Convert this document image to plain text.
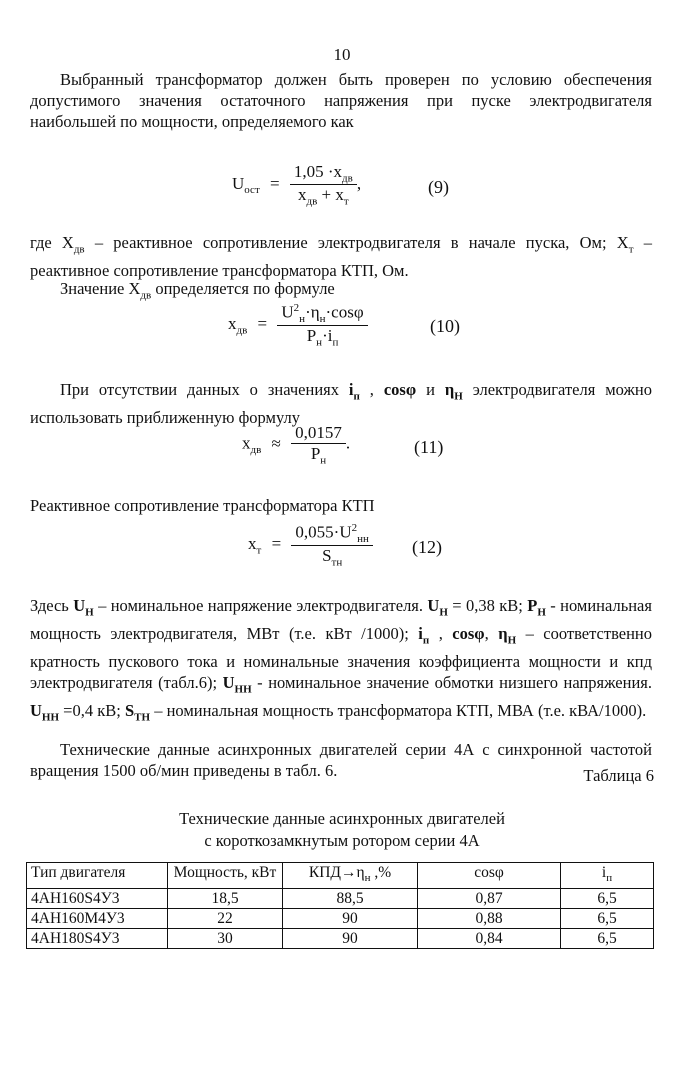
10

Выбранный трансформатор должен быть проверен по условию обеспечения допустимого значения остаточного напряжения при пуске электродвигателя наибольшей по мощности, определяемого как

$U_{ост} = \frac{1,05 \cdot x_{дв}}{x_{дв} + x_т}$ ,	(9)

где $X_{дв}$ – реактивное сопротивление электродвигателя в начале пуска, Ом; $X_т$ – реактивное сопротивление трансформатора КТП, Ом.

Значение $X_{дв}$ определяется по формуле

$x_{дв} = \frac{U^2_н\cdot\eta_н\cdot\cos\varphi}{P_н\cdot i_п}$	(10)

При отсутствии данных о значениях $i_п$ , cosφ и $\eta_Н$ электродвигателя можно использовать приближенную формулу

$x_{дв} \approx \frac{0,0157}{P_н}$ .	(11)

Реактивное сопротивление трансформатора КТП

$x_т = \frac{0,055\cdot U^2_{нн}}{S_{тн}} (12)$

Здесь $U_Н$ – номинальное напряжение электродвигателя. $U_Н = 0,38$ кВ; $P_Н$ - номинальная мощность электродвигателя, МВт (т.е. кВт /1000); $i_п$ , cosφ, $\eta_Н$ – соответственно кратность пускового тока и номинальные значения коэффициента мощности и кпд электродвигателя (табл.6); $U_{НН}$ - номинальное значение обмотки низшего напряжения. $U_{НН} =0,4$ кВ; $S_{ТН}$ – номинальная мощность трансформатора КТП, МВА (т.е. кВА/1000).

Технические данные асинхронных двигателей серии 4А с синхронной частотой вращения 1500 об/мин приведены в табл. 6.	Таблица 6
Технические данные асинхронных двигателей
с короткозамкнутым ротором серии 4А
Тип двигателя	Мощность, кВт	$КПД\to\eta_н$ ,%	cosφ	$i_п$
4АН160S4У3	18,5	88,5	0,87	6,5
4АН160М4У3	22	90	0,88	6,5
4АН180S4У3	30	90	0,84	6,5
